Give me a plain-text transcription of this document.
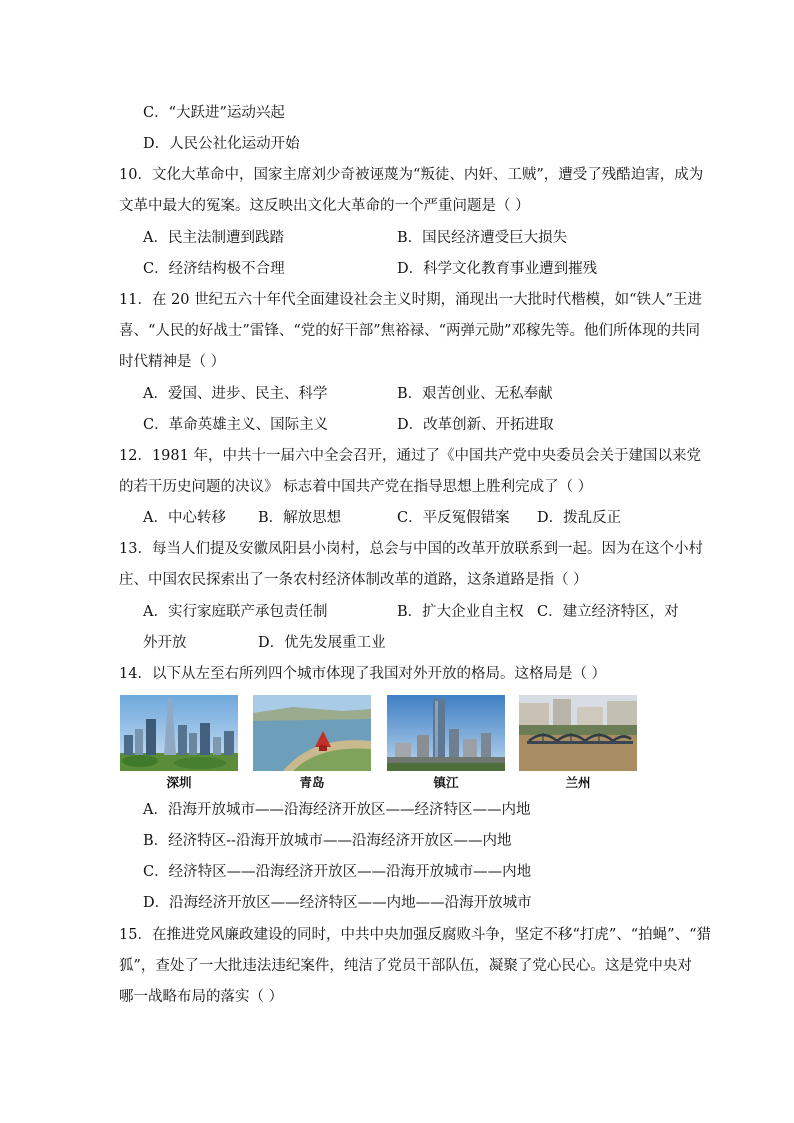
C．“大跃进”运动兴起
D．人民公社化运动开始
10．文化大革命中，国家主席刘少奇被诬蔑为“叛徒、内奸、工贼”，遭受了残酷迫害，成为
文革中最大的冤案。这反映出文化大革命的一个严重问题是（ ）
A．民主法制遭到践踏	B．国民经济遭受巨大损失
C．经济结构极不合理	D．科学文化教育事业遭到摧残
11．在 20 世纪五六十年代全面建设社会主义时期，涌现出一大批时代楷模，如“铁人”王进
喜、“人民的好战士”雷锋、“党的好干部”焦裕禄、“两弹元勋”邓稼先等。他们所体现的共同
时代精神是（ ）
A．爱国、进步、民主、科学	B．艰苦创业、无私奉献
C．革命英雄主义、国际主义	D．改革创新、开拓进取
12．1981 年，中共十一届六中全会召开，通过了《中国共产党中央委员会关于建国以来党
的若干历史问题的决议》 标志着中国共产党在指导思想上胜利完成了（ ）
A．中心转移 B．解放思想	C．平反冤假错案 D．拨乱反正
13．每当人们提及安徽凤阳县小岗村，总会与中国的改革开放联系到一起。因为在这个小村
庄、中国农民探索出了一条农村经济体制改革的道路，这条道路是指（ ）
A．实行家庭联产承包责任制	B．扩大企业自主权 C．建立经济特区，对
外开放	D．优先发展重工业
14．以下从左至右所列四个城市体现了我国对外开放的格局。这格局是（ ）
深圳	青岛	镇江	兰州
A．沿海开放城市——沿海经济开放区——经济特区——内地
B．经济特区--沿海开放城市——沿海经济开放区——内地
C．经济特区——沿海经济开放区——沿海开放城市——内地
D．沿海经济开放区——经济特区——内地——沿海开放城市
15．在推进党风廉政建设的同时，中共中央加强反腐败斗争，坚定不移“打虎”、“拍蝇”、“猎
狐”，查处了一大批违法违纪案件，纯洁了党员干部队伍，凝聚了党心民心。这是党中央对
哪一战略布局的落实（ ）
